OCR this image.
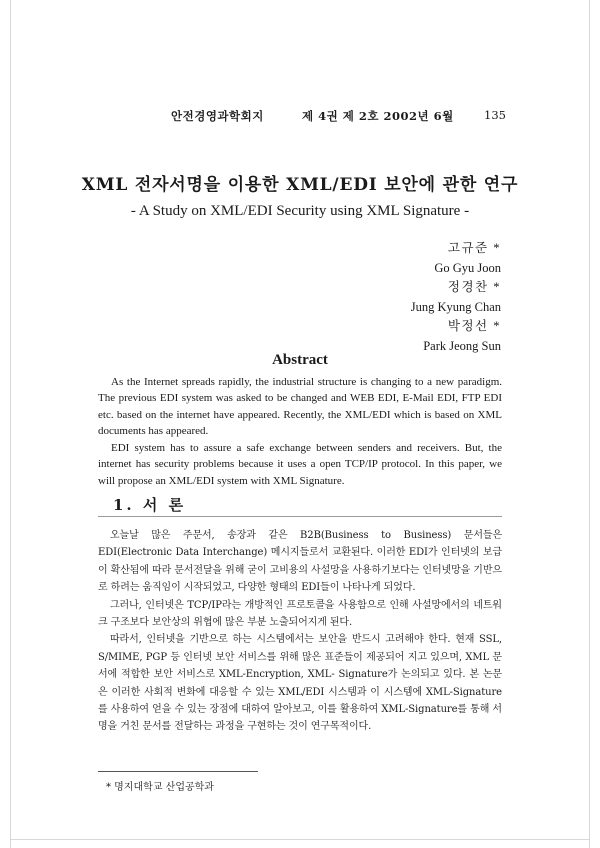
안전경영과학회지	제 4권 제 2호 2002년 6월	135
XML 전자서명을 이용한 XML/EDI 보안에 관한 연구
- A Study on XML/EDI Security using XML Signature -
고규준 *
Go Gyu Joon
정경찬 *
Jung Kyung Chan
박정선 *
Park Jeong Sun
Abstract

As the Internet spreads rapidly, the industrial structure is changing to a new paradigm. The previous EDI system was asked to be changed and WEB EDI, E-Mail EDI, FTP EDI etc. based on the internet have appeared. Recently, the XML/EDI which is based on XML documents has appeared.

EDI system has to assure a safe exchange between senders and receivers. But, the internet has security problems because it uses a open TCP/IP protocol. In this paper, we will propose an XML/EDI system with XML Signature.

1. 서 론

오늘날 많은 주문서, 송장과 같은 B2B(Business to Business) 문서들은 EDI(Electronic Data Interchange) 메시지들로서 교환된다. 이러한 EDI가 인터넷의 보급이 확산됨에 따라 문서전달을 위해 굳이 고비용의 사설망을 사용하기보다는 인터넷망을 기반으로 하려는 움직임이 시작되었고, 다양한 형태의 EDI들이 나타나게 되었다.

그러나, 인터넷은 TCP/IP라는 개방적인 프로토콜을 사용함으로 인해 사설망에서의 네트워크 구조보다 보안상의 위협에 많은 부분 노출되어지게 된다.

따라서, 인터넷을 기반으로 하는 시스템에서는 보안을 반드시 고려해야 한다. 현재 SSL, S/MIME, PGP 등 인터넷 보안 서비스를 위해 많은 표준들이 제공되어 지고 있으며, XML 문서에 적합한 보안 서비스로 XML-Encryption, XML- Signature가 논의되고 있다. 본 논문은 이러한 사회적 변화에 대응할 수 있는 XML/EDI 시스템과 이 시스템에 XML-Signature를 사용하여 얻을 수 있는 장점에 대하여 알아보고, 이를 활용하여 XML-Signature를 통해 서명을 거친 문서를 전달하는 과정을 구현하는 것이 연구목적이다.

* 명지대학교 산업공학과
